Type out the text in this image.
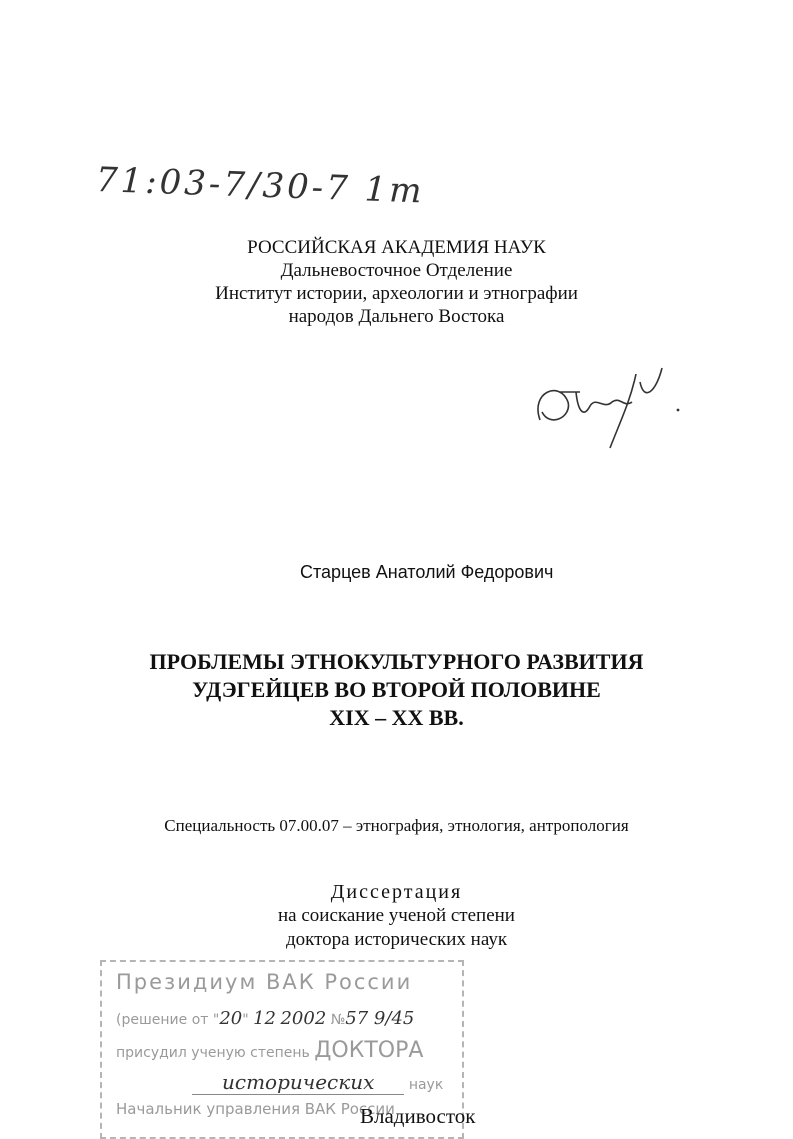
71:03-7/30-7 1т
РОССИЙСКАЯ АКАДЕМИЯ НАУК
Дальневосточное Отделение
Институт истории, археологии и этнографии
народов Дальнего Востока
Старцев Анатолий Федорович
ПРОБЛЕМЫ ЭТНОКУЛЬТУРНОГО РАЗВИТИЯ
УДЭГЕЙЦЕВ ВО ВТОРОЙ ПОЛОВИНЕ
XIX – XX ВВ.
Специальность 07.00.07 – этнография, этнология, антропология
Диссертация
на соискание ученой степени
доктора исторических наук
Президиум ВАК России
(решение от "20" 12 2002 №57 9/45
присудил ученую степень ДОКТОРА
исторических наук
Начальник управления ВАК России
Владивосток
